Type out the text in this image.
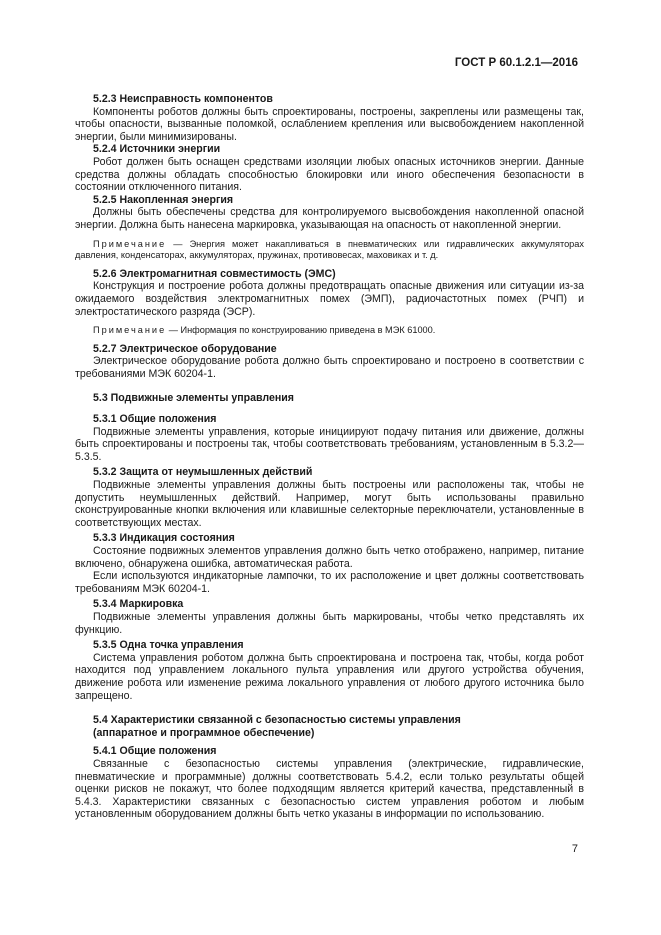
ГОСТ Р 60.1.2.1—2016
5.2.3 Неисправность компонентов

Компоненты роботов должны быть спроектированы, построены, закреплены или размещены так, чтобы опасности, вызванные поломкой, ослаблением крепления или высвобождением накопленной энергии, были минимизированы.

5.2.4 Источники энергии

Робот должен быть оснащен средствами изоляции любых опасных источников энергии. Данные средства должны обладать способностью блокировки или иного обеспечения безопасности в состоянии отключенного питания.

5.2.5 Накопленная энергия

Должны быть обеспечены средства для контролируемого высвобождения накопленной опасной энергии. Должна быть нанесена маркировка, указывающая на опасность от накопленной энергии.

Примечание — Энергия может накапливаться в пневматических или гидравлических аккумуляторах давления, конденсаторах, аккумуляторах, пружинах, противовесах, маховиках и т. д.
5.2.6 Электромагнитная совместимость (ЭМС)

Конструкция и построение робота должны предотвращать опасные движения или ситуации из-за ожидаемого воздействия электромагнитных помех (ЭМП), радиочастотных помех (РЧП) и электростатического разряда (ЭСР).

Примечание — Информация по конструированию приведена в МЭК 61000.
5.2.7 Электрическое оборудование

Электрическое оборудование робота должно быть спроектировано и построено в соответствии с требованиями МЭК 60204-1.

5.3 Подвижные элементы управления
5.3.1 Общие положения

Подвижные элементы управления, которые инициируют подачу питания или движение, должны быть спроектированы и построены так, чтобы соответствовать требованиям, установленным в 5.3.2—5.3.5.

5.3.2 Защита от неумышленных действий

Подвижные элементы управления должны быть построены или расположены так, чтобы не допустить неумышленных действий. Например, могут быть использованы правильно сконструированные кнопки включения или клавишные селекторные переключатели, установленные в соответствующих местах.

5.3.3 Индикация состояния

Состояние подвижных элементов управления должно быть четко отображено, например, питание включено, обнаружена ошибка, автоматическая работа.

Если используются индикаторные лампочки, то их расположение и цвет должны соответствовать требованиям МЭК 60204-1.

5.3.4 Маркировка

Подвижные элементы управления должны быть маркированы, чтобы четко представлять их функцию.

5.3.5 Одна точка управления

Система управления роботом должна быть спроектирована и построена так, чтобы, когда робот находится под управлением локального пульта управления или другого устройства обучения, движение робота или изменение режима локального управления от любого другого источника было запрещено.

5.4 Характеристики связанной с безопасностью системы управления
(аппаратное и программное обеспечение)
5.4.1 Общие положения

Связанные с безопасностью системы управления (электрические, гидравлические, пневматические и программные) должны соответствовать 5.4.2, если только результаты общей оценки рисков не покажут, что более подходящим является критерий качества, представленный в 5.4.3. Характеристики связанных с безопасностью систем управления роботом и любым установленным оборудованием должны быть четко указаны в информации по использованию.

7
